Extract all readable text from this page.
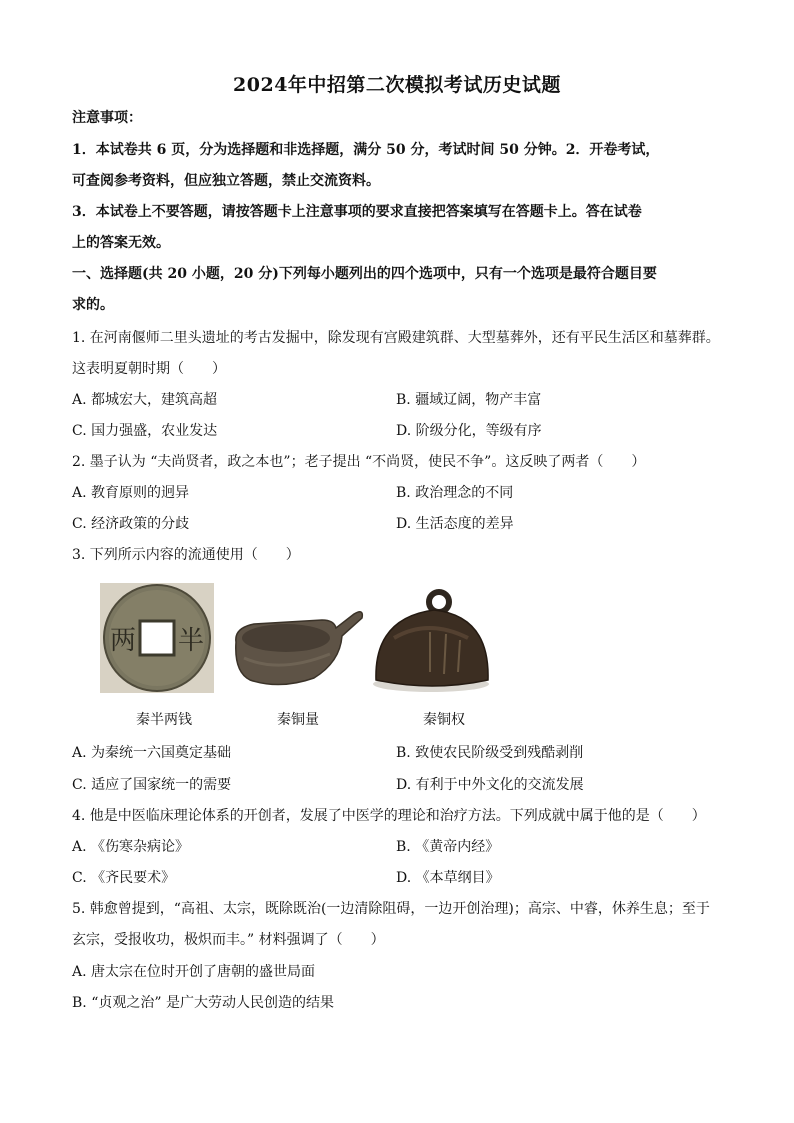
2024年中招第二次模拟考试历史试题
注意事项：
1．本试卷共 6 页，分为选择题和非选择题，满分 50 分，考试时间 50 分钟。2．开卷考试，
可查阅参考资料，但应独立答题，禁止交流资料。
3．本试卷上不要答题，请按答题卡上注意事项的要求直接把答案填写在答题卡上。答在试卷
上的答案无效。
一、选择题(共 20 小题，20 分)下列每小题列出的四个选项中，只有一个选项是最符合题目要
求的。
1. 在河南偃师二里头遗址的考古发掘中，除发现有宫殿建筑群、大型墓葬外，还有平民生活区和墓葬群。
这表明夏朝时期（　　）
A. 都城宏大，建筑高超	B. 疆域辽阔，物产丰富
C. 国力强盛，农业发达	D. 阶级分化，等级有序
2. 墨子认为 “夫尚贤者，政之本也”；老子提出 “不尚贤，使民不争”。这反映了两者（　　）
A. 教育原则的迥异	B. 政治理念的不同
C. 经济政策的分歧	D. 生活态度的差异
3. 下列所示内容的流通使用（　　）
两 半
秦半两钱	秦铜量	秦铜权
A. 为秦统一六国奠定基础	B. 致使农民阶级受到残酷剥削
C. 适应了国家统一的需要	D. 有利于中外文化的交流发展
4. 他是中医临床理论体系的开创者，发展了中医学的理论和治疗方法。下列成就中属于他的是（　　）
A. 《伤寒杂病论》	B. 《黄帝内经》
C. 《齐民要术》	D. 《本草纲目》
5. 韩愈曾提到，“高祖、太宗，既除既治(一边清除阻碍，一边开创治理)；高宗、中睿，休养生息；至于
玄宗，受报收功，极炽而丰。” 材料强调了（　　）
A. 唐太宗在位时开创了唐朝的盛世局面
B. “贞观之治” 是广大劳动人民创造的结果
